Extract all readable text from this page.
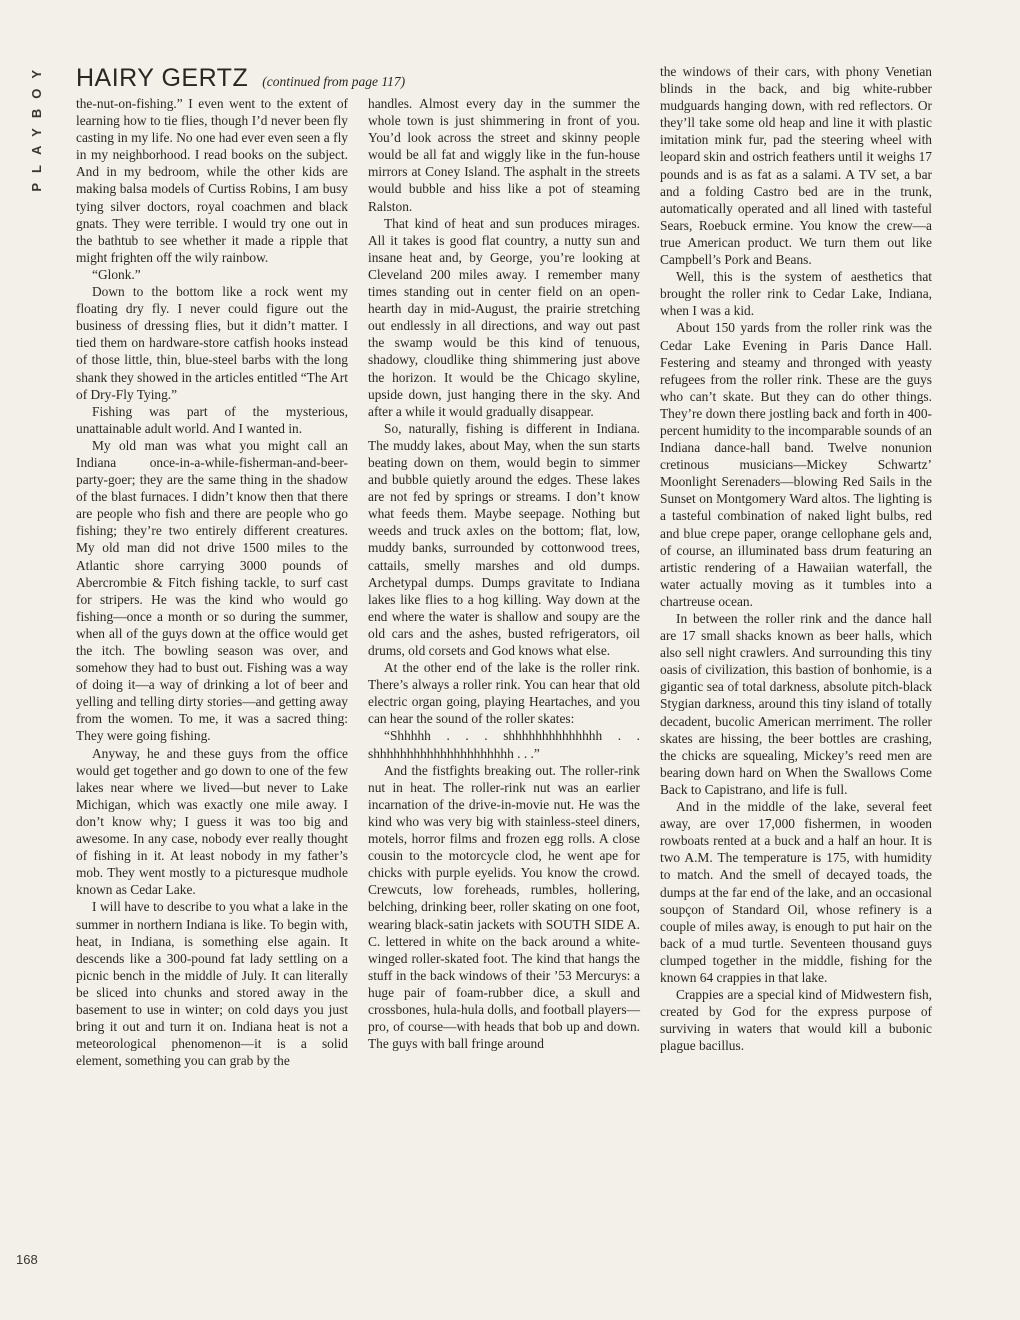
PLAYBOY
168
HAIRY GERTZ (continued from page 117)

the-nut-on-fishing.” I even went to the extent of learning how to tie flies, though I’d never been fly casting in my life. No one had ever even seen a fly in my neighborhood. I read books on the subject. And in my bedroom, while the other kids are making balsa models of Curtiss Robins, I am busy tying silver doctors, royal coachmen and black gnats. They were terrible. I would try one out in the bathtub to see whether it made a ripple that might frighten off the wily rainbow.

“Glonk.”

Down to the bottom like a rock went my floating dry fly. I never could figure out the business of dressing flies, but it didn’t matter. I tied them on hardware-store catfish hooks instead of those little, thin, blue-steel barbs with the long shank they showed in the articles entitled “The Art of Dry-Fly Tying.”

Fishing was part of the mysterious, unattainable adult world. And I wanted in.

My old man was what you might call an Indiana once-in-a-while-fisherman-and-beer-party-goer; they are the same thing in the shadow of the blast furnaces. I didn’t know then that there are people who fish and there are people who go fishing; they’re two entirely different creatures. My old man did not drive 1500 miles to the Atlantic shore carrying 3000 pounds of Abercrombie & Fitch fishing tackle, to surf cast for stripers. He was the kind who would go fishing—once a month or so during the summer, when all of the guys down at the office would get the itch. The bowling season was over, and somehow they had to bust out. Fishing was a way of doing it—a way of drinking a lot of beer and yelling and telling dirty stories—and getting away from the women. To me, it was a sacred thing: They were going fishing.

Anyway, he and these guys from the office would get together and go down to one of the few lakes near where we lived—but never to Lake Michigan, which was exactly one mile away. I don’t know why; I guess it was too big and awesome. In any case, nobody ever really thought of fishing in it. At least nobody in my father’s mob. They went mostly to a picturesque mudhole known as Cedar Lake.

I will have to describe to you what a lake in the summer in northern Indiana is like. To begin with, heat, in Indiana, is something else again. It descends like a 300-pound fat lady settling on a picnic bench in the middle of July. It can literally be sliced into chunks and stored away in the basement to use in winter; on cold days you just bring it out and turn it on. Indiana heat is not a meteorological phenomenon—it is a solid element, something you can grab by the

handles. Almost every day in the summer the whole town is just shimmering in front of you. You’d look across the street and skinny people would be all fat and wiggly like in the fun-house mirrors at Coney Island. The asphalt in the streets would bubble and hiss like a pot of steaming Ralston.

That kind of heat and sun produces mirages. All it takes is good flat country, a nutty sun and insane heat and, by George, you’re looking at Cleveland 200 miles away. I remember many times standing out in center field on an open-hearth day in mid-August, the prairie stretching out endlessly in all directions, and way out past the swamp would be this kind of tenuous, shadowy, cloudlike thing shimmering just above the horizon. It would be the Chicago skyline, upside down, just hanging there in the sky. And after a while it would gradually disappear.

So, naturally, fishing is different in Indiana. The muddy lakes, about May, when the sun starts beating down on them, would begin to simmer and bubble quietly around the edges. These lakes are not fed by springs or streams. I don’t know what feeds them. Maybe seepage. Nothing but weeds and truck axles on the bottom; flat, low, muddy banks, surrounded by cottonwood trees, cattails, smelly marshes and old dumps. Archetypal dumps. Dumps gravitate to Indiana lakes like flies to a hog killing. Way down at the end where the water is shallow and soupy are the old cars and the ashes, busted refrigerators, oil drums, old corsets and God knows what else.

At the other end of the lake is the roller rink. There’s always a roller rink. You can hear that old electric organ going, playing Heartaches, and you can hear the sound of the roller skates:

“Shhhhh . . . shhhhhhhhhhhhhh . . shhhhhhhhhhhhhhhhhhhhh . . .”

And the fistfights breaking out. The roller-rink nut in heat. The roller-rink nut was an earlier incarnation of the drive-in-movie nut. He was the kind who was very big with stainless-steel diners, motels, horror films and frozen egg rolls. A close cousin to the motorcycle clod, he went ape for chicks with purple eyelids. You know the crowd. Crewcuts, low foreheads, rumbles, hollering, belching, drinking beer, roller skating on one foot, wearing black-satin jackets with SOUTH SIDE A. C. lettered in white on the back around a white-winged roller-skated foot. The kind that hangs the stuff in the back windows of their ’53 Mercurys: a huge pair of foam-rubber dice, a skull and crossbones, hula-hula dolls, and football players—pro, of course—with heads that bob up and down. The guys with ball fringe around

the windows of their cars, with phony Venetian blinds in the back, and big white-rubber mudguards hanging down, with red reflectors. Or they’ll take some old heap and line it with plastic imitation mink fur, pad the steering wheel with leopard skin and ostrich feathers until it weighs 17 pounds and is as fat as a salami. A TV set, a bar and a folding Castro bed are in the trunk, automatically operated and all lined with tasteful Sears, Roebuck ermine. You know the crew—a true American product. We turn them out like Campbell’s Pork and Beans.

Well, this is the system of aesthetics that brought the roller rink to Cedar Lake, Indiana, when I was a kid.

About 150 yards from the roller rink was the Cedar Lake Evening in Paris Dance Hall. Festering and steamy and thronged with yeasty refugees from the roller rink. These are the guys who can’t skate. But they can do other things. They’re down there jostling back and forth in 400-percent humidity to the incomparable sounds of an Indiana dance-hall band. Twelve nonunion cretinous musicians—Mickey Schwartz’ Moonlight Serenaders—blowing Red Sails in the Sunset on Montgomery Ward altos. The lighting is a tasteful combination of naked light bulbs, red and blue crepe paper, orange cellophane gels and, of course, an illuminated bass drum featuring an artistic rendering of a Hawaiian waterfall, the water actually moving as it tumbles into a chartreuse ocean.

In between the roller rink and the dance hall are 17 small shacks known as beer halls, which also sell night crawlers. And surrounding this tiny oasis of civilization, this bastion of bonhomie, is a gigantic sea of total darkness, absolute pitch-black Stygian darkness, around this tiny island of totally decadent, bucolic American merriment. The roller skates are hissing, the beer bottles are crashing, the chicks are squealing, Mickey’s reed men are bearing down hard on When the Swallows Come Back to Capistrano, and life is full.

And in the middle of the lake, several feet away, are over 17,000 fishermen, in wooden rowboats rented at a buck and a half an hour. It is two A.M. The temperature is 175, with humidity to match. And the smell of decayed toads, the dumps at the far end of the lake, and an occasional soupçon of Standard Oil, whose refinery is a couple of miles away, is enough to put hair on the back of a mud turtle. Seventeen thousand guys clumped together in the middle, fishing for the known 64 crappies in that lake.

Crappies are a special kind of Midwestern fish, created by God for the express purpose of surviving in waters that would kill a bubonic plague bacillus.
